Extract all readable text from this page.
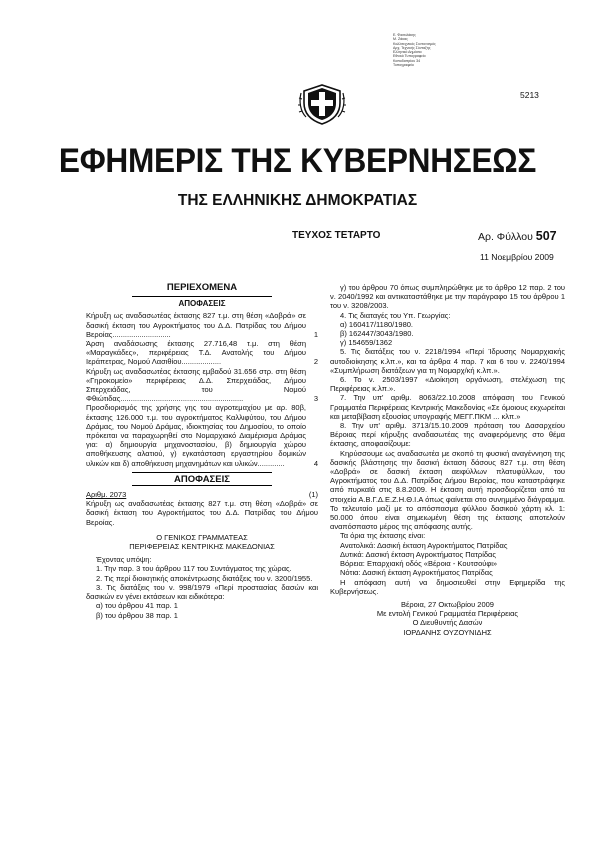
Ε. Φασολάκης
Μ. Ζάκας
Καλλιτεχνικός Συντονισμός
Αρχ. Τεχνικής Σύνταξης
Ελληνικό Δημόσιο
Εθνικό Τυπογραφείο
Καποδιστρίου 34
Τυπογραφείο
5213
ΕΦΗΜΕΡΙΣ ΤΗΣ ΚΥΒΕΡΝΗΣΕΩΣ
ΤΗΣ ΕΛΛΗΝΙΚΗΣ ΔΗΜΟΚΡΑΤΙΑΣ
ΤΕΥΧΟΣ ΤΕΤΑΡΤΟ	Αρ. Φύλλου 507
11 Νοεμβρίου 2009
ΠΕΡΙΕΧΟΜΕΝΑ
ΑΠΟΦΑΣΕΙΣ

Κήρυξη ως αναδασωτέας έκτασης 827 τ.μ. στη θέση «Δοβρά» σε δασική έκταση του Αγροκτήματος του Δ.Δ. Πατρίδας του Δήμου Βεροίας............................	1

Άρση αναδάσωσης έκτασης 27.716,48 τ.μ. στη θέση «Μαραγκάδες», περιφέρειας Τ.Δ. Ανατολής του Δήμου Ιεράπετρας, Νομού Λασιθίου...................	2

Κήρυξη ως αναδασωτέας έκτασης εμβαδού 31.656 στρ. στη θέση «Γηροκομείο» περιφέρειας Δ.Δ. Σπερχειάδας, Δήμου Σπερχειάδας, του Νομού Φθιώτιδας...........................................................	3

Προσδιορισμός της χρήσης γης του αγροτεμαχίου με αρ. 80β, έκτασης 126.000 τ.μ. του αγροκτήματος Καλλιφύτου, του Δήμου Δράμας, του Νομού Δράμας, ιδιοκτησίας του Δημοσίου, το οποίο πρόκειται να παραχωρηθεί στο Νομαρχιακό Διαμέρισμα Δράμας για: α) δημιουργία μηχανοστασίου, β) δημιουργία χώρου αποθήκευσης αλατιού, γ) εγκατάσταση εργαστηρίου δομικών υλικών και δ) αποθήκευση μηχανημάτων και υλικών.............	4

ΑΠΟΦΑΣΕΙΣ
Αριθμ. 2073	(1)

Κήρυξη ως αναδασωτέας έκτασης 827 τ.μ. στη θέση «Δοβρά» σε δασική έκταση του Αγροκτήματος του Δ.Δ. Πατρίδας του Δήμου Βεροίας.

Ο ΓΕΝΙΚΟΣ ΓΡΑΜΜΑΤΕΑΣ

ΠΕΡΙΦΕΡΕΙΑΣ ΚΕΝΤΡΙΚΗΣ ΜΑΚΕΔΟΝΙΑΣ

Έχοντας υπόψη:

1. Την παρ. 3 του άρθρου 117 του Συντάγματος της χώρας.

2. Τις περί διοικητικής αποκέντρωσης διατάξεις του ν. 3200/1955.

3. Τις διατάξεις του ν. 998/1979 «Περί προστασίας δασών και δασικών εν γένει εκτάσεων και ειδικότερα:

α) του άρθρου 41 παρ. 1

β) του άρθρου 38 παρ. 1

γ) του άρθρου 70 όπως συμπληρώθηκε με το άρθρο 12 παρ. 2 του ν. 2040/1992 και αντικαταστάθηκε με την παράγραφο 15 του άρθρου 1 του ν. 3208/2003.

4. Τις διαταγές του Υπ. Γεωργίας:

α) 160417/1180/1980.

β) 162447/3043/1980.

γ) 154659/1362

5. Τις διατάξεις του ν. 2218/1994 «Περί Ίδρυσης Νομαρχιακής αυτοδιοίκησης κ.λπ.», και τα άρθρα 4 παρ. 7 και 6 του ν. 2240/1994 «Συμπλήρωση διατάξεων για τη Νομαρχ/κή κ.λπ.».

6. Το ν. 2503/1997 «Διοίκηση οργάνωση, στελέχωση της Περιφέρειας κ.λπ.».

7. Την υπ' αριθμ. 8063/22.10.2008 απόφαση του Γενικού Γραμματέα Περιφέρειας Κεντρικής Μακεδονίας «Σε όμοιους εκχωρείται και μεταβίβαση εξουσίας υπογραφής ΜΕΓΓ.ΠΚΜ ... κλπ.»

8. Την υπ' αριθμ. 3713/15.10.2009 πρόταση του Δασαρχείου Βέροιας περί κήρυξης αναδασωτέας της αναφερόμενης στο θέμα έκτασης, αποφασίζουμε:

Κηρύσσουμε ως αναδασωτέα με σκοπό τη φυσική αναγέννηση της δασικής βλάστησης την δασική έκταση δάσους 827 τ.μ. στη θέση «Δοβρά» σε δασική έκταση αειφύλλων πλατυφύλλων, του Αγροκτήματος του Δ.Δ. Πατρίδας Δήμου Βεροίας, που καταστράφηκε από πυρκαϊά στις 8.8.2009. Η έκταση αυτή προσδιορίζεται από τα στοιχεία Α.Β.Γ.Δ.Ε.Ζ.Η.Θ.Ι.Α όπως φαίνεται στο συνημμένο διάγραμμα. Το τελευταίο μαζί με το απόσπασμα φύλλου δασικού χάρτη κλ. 1: 50.000 όπου είναι σημειωμένη θέση της έκτασης αποτελούν αναπόσπαστο μέρος της απόφασης αυτής.

Τα όρια της έκτασης είναι:

Ανατολικά: Δασική έκταση Αγροκτήματος Πατρίδας

Δυτικά: Δασική έκταση Αγροκτήματος Πατρίδας

Βόρεια: Επαρχιακή οδός «Βέροια - Κουτσούφι»

Νότια: Δασική έκταση Αγροκτήματος Πατρίδας

Η απόφαση αυτή να δημοσιευθεί στην Εφημερίδα της Κυβερνήσεως.

Βέροια, 27 Οκτωβρίου 2009

Με εντολή Γενικού Γραμματέα Περιφέρειας

Ο Διευθυντής Δασών

ΙΟΡΔΑΝΗΣ ΟΥΖΟΥΝΙΔΗΣ
